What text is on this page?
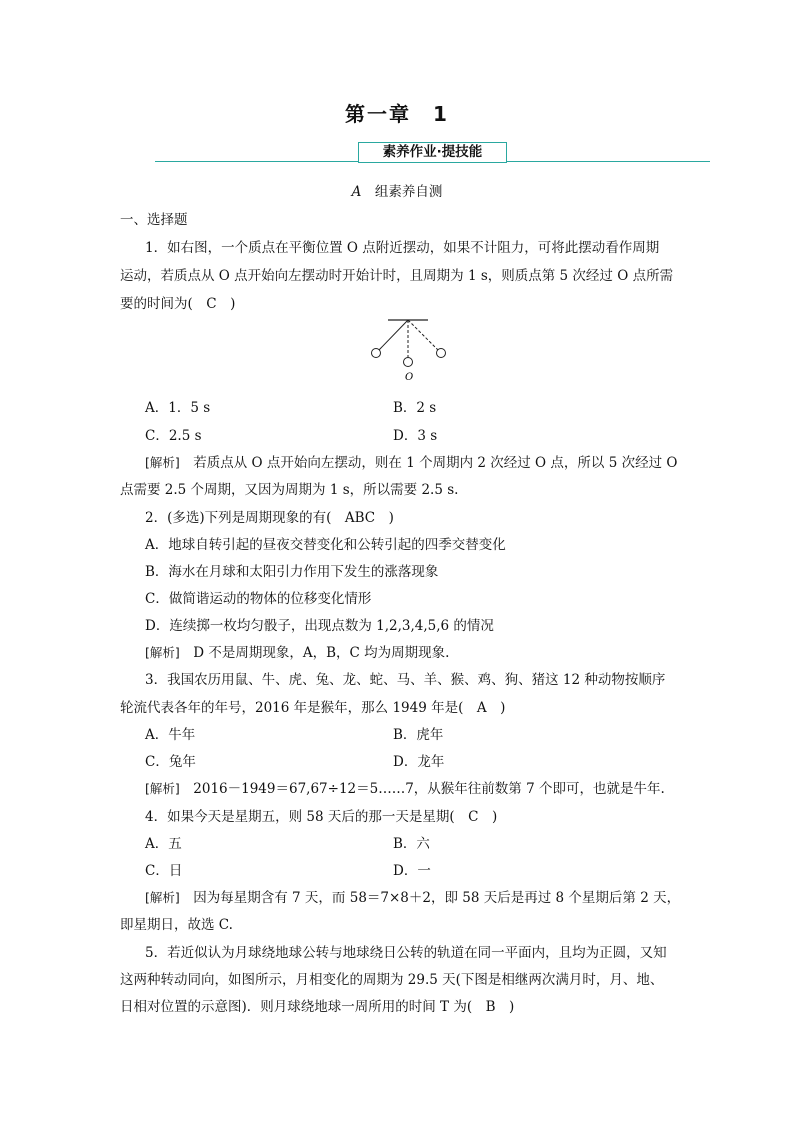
第一章　1
素养作业·提技能
A　 组素养自测
一、选择题
1．如右图，一个质点在平衡位置 O 点附近摆动，如果不计阻力，可将此摆动看作周期
运动，若质点从 O 点开始向左摆动时开始计时，且周期为 1 s，则质点第 5 次经过 O 点所需
要的时间为(　C　)
O
A．1．5 s	B．2 s
C．2.5 s	D．3 s
[解析]　 若质点从 O 点开始向左摆动，则在 1 个周期内 2 次经过 O 点，所以 5 次经过 O
点需要 2.5 个周期，又因为周期为 1 s，所以需要 2.5 s.
2．(多选)下列是周期现象的有(　ABC　)
A．地球自转引起的昼夜交替变化和公转引起的四季交替变化
B．海水在月球和太阳引力作用下发生的涨落现象
C．做简谐运动的物体的位移变化情形
D．连续掷一枚均匀骰子，出现点数为 1,2,3,4,5,6 的情况
[解析]　 D 不是周期现象，A，B，C 均为周期现象.
3．我国农历用鼠、牛、虎、兔、龙、蛇、马、羊、猴、鸡、狗、猪这 12 种动物按顺序
轮流代表各年的年号，2016 年是猴年，那么 1949 年是(　A　)
A．牛年	B．虎年
C．兔年	D．龙年
[解析]　 2016－1949＝67,67÷12＝5……7，从猴年往前数第 7 个即可，也就是牛年.
4．如果今天是星期五，则 58 天后的那一天是星期(　C　)
A．五	B．六
C．日	D．一
[解析]　 因为每星期含有 7 天，而 58＝7×8＋2，即 58 天后是再过 8 个星期后第 2 天，
即星期日，故选 C.
5．若近似认为月球绕地球公转与地球绕日公转的轨道在同一平面内，且均为正圆，又知
这两种转动同向，如图所示，月相变化的周期为 29.5 天(下图是相继两次满月时，月、地、
日相对位置的示意图)．则月球绕地球一周所用的时间 T 为(　B　)
